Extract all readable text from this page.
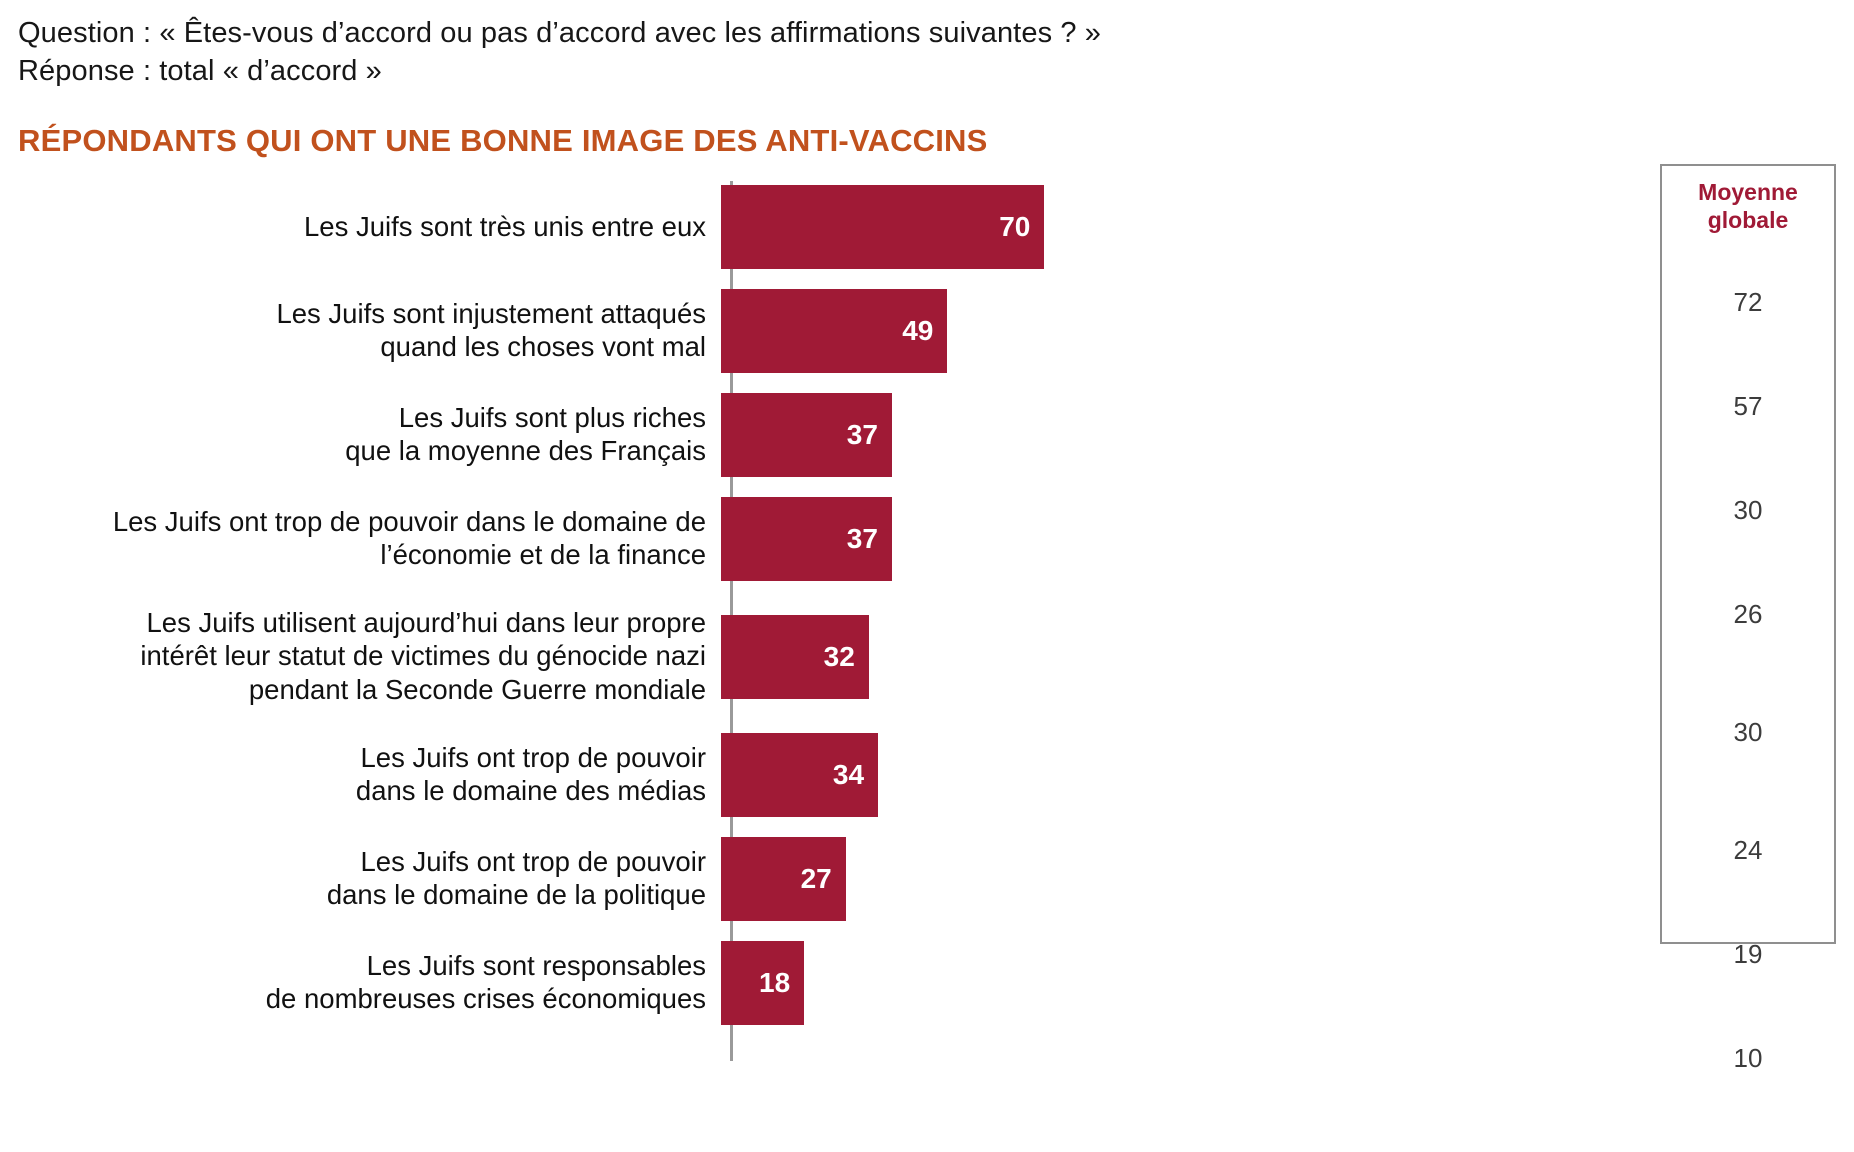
Question : « Êtes-vous d’accord ou pas d’accord avec les affirmations suivantes ? »
Réponse : total « d’accord »
RÉPONDANTS QUI ONT UNE BONNE IMAGE DES ANTI-VACCINS
Les Juifs sont très unis entre eux	70
Les Juifs sont injustement attaqués
quand les choses vont mal
49
Les Juifs sont plus riches
que la moyenne des Français
37
Les Juifs ont trop de pouvoir dans le domaine de
l’économie et de la finance
37
Les Juifs utilisent aujourd’hui dans leur propre
intérêt leur statut de victimes du génocide nazi
pendant la Seconde Guerre mondiale
32
Les Juifs ont trop de pouvoir
dans le domaine des médias
34
Les Juifs ont trop de pouvoir
dans le domaine de la politique
27
Les Juifs sont responsables
de nombreuses crises économiques
18
Moyenne
globale
72
57
30
26
30
24
19
10
